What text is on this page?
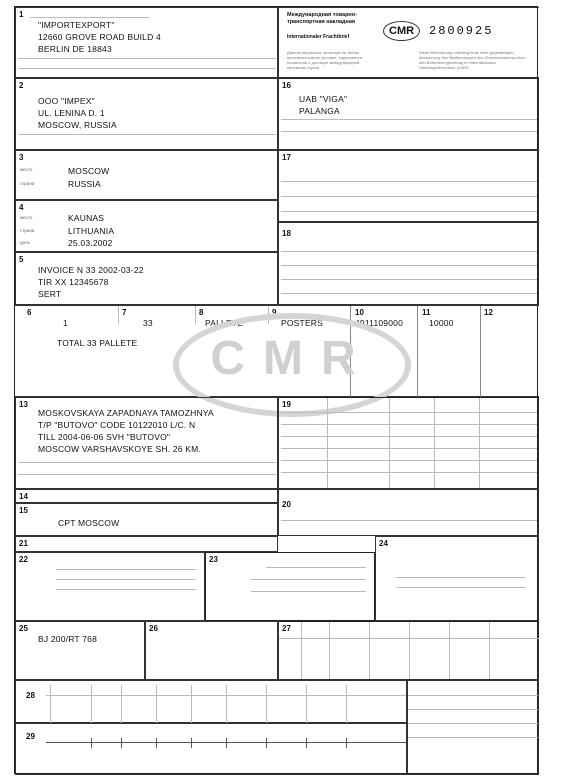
1
"IMPORTEXPORT"
12660 GROVE ROAD BUILD 4
BERLIN DE 18843
Международная товарно-транспортная накладная
Internationaler Frachtbrief
Данная перевозка, несмотря на любое противоположное условие, подчиняется Конвенции о договоре международной перевозки грузов
CMR	2800925
Diese Beförderung unterliegt trotz einer gegenteiligen Abmachung den Bestimmungen des Übereinkommens über den Beförderungsvertrag im internationalen Straßengüterverkehr (CMR)
2
OOO "IMPEX"
UL. LENINA D. 1
MOSCOW, RUSSIA
16
UAB "VIGA"
PALANGA
3
место
страна
MOSCOW
RUSSIA
17
4
место
страна
дата
KAUNAS
LITHUANIA
25.03.2002
18
5
INVOICE N 33 2002-03-22
TIR XX 12345678
SERT
6	7	8	9	10	11	12
1	33	PALLETE	POSTERS	4911109000	10000
TOTAL 33 PALLETE	CMR
13
MOSKOVSKAYA ZAPADNAYA TAMOZHNYA
T/P "BUTOVO" CODE 10122010 L/C. N
TILL 2004-06-06 SVH "BUTOVO"
MOSCOW VARSHAVSKOYE SH. 26 KM.
19
14
15
CPT MOSCOW
20
21
22	23
24
25
BJ 200/RT 768
26	27
28
29
